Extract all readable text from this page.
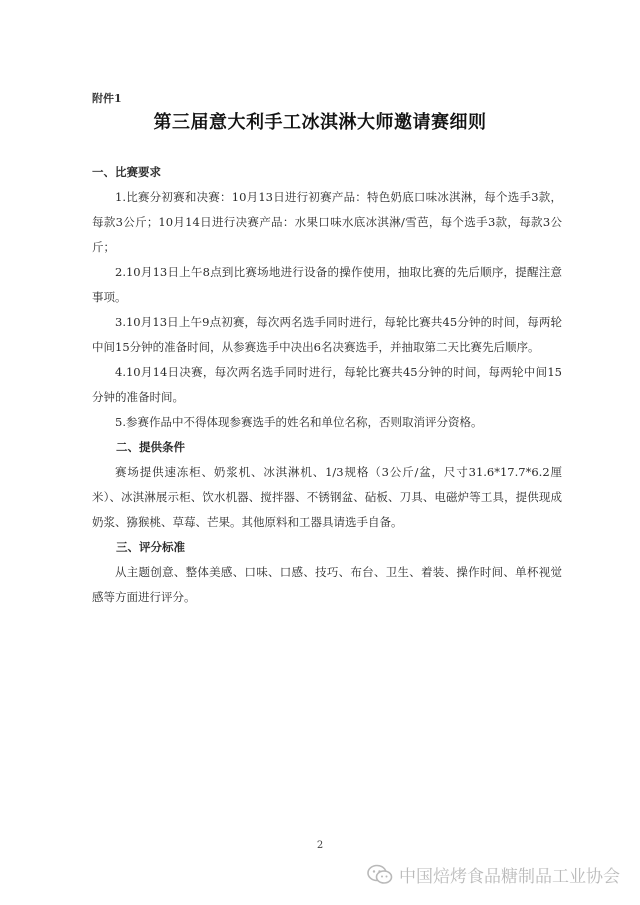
附件1
第三届意大利手工冰淇淋大师邀请赛细则

一、比赛要求

1.比赛分初赛和决赛：10月13日进行初赛产品：特色奶底口味冰淇淋，每个选手3款，每款3公斤；10月14日进行决赛产品：水果口味水底冰淇淋/雪芭，每个选手3款，每款3公斤；

2.10月13日上午8点到比赛场地进行设备的操作使用，抽取比赛的先后顺序，提醒注意事项。

3.10月13日上午9点初赛，每次两名选手同时进行，每轮比赛共45分钟的时间，每两轮中间15分钟的准备时间，从参赛选手中决出6名决赛选手，并抽取第二天比赛先后顺序。

4.10月14日决赛，每次两名选手同时进行，每轮比赛共45分钟的时间，每两轮中间15分钟的准备时间。

5.参赛作品中不得体现参赛选手的姓名和单位名称，否则取消评分资格。

二、提供条件

赛场提供速冻柜、奶浆机、冰淇淋机、1/3规格（3公斤/盆，尺寸31.6*17.7*6.2厘米）、冰淇淋展示柜、饮水机器、搅拌器、不锈钢盆、砧板、刀具、电磁炉等工具，提供现成奶浆、猕猴桃、草莓、芒果。其他原料和工器具请选手自备。

三、评分标准

从主题创意、整体美感、口味、口感、技巧、布台、卫生、着装、操作时间、单杯视觉感等方面进行评分。

2
中国焙烤食品糖制品工业协会
